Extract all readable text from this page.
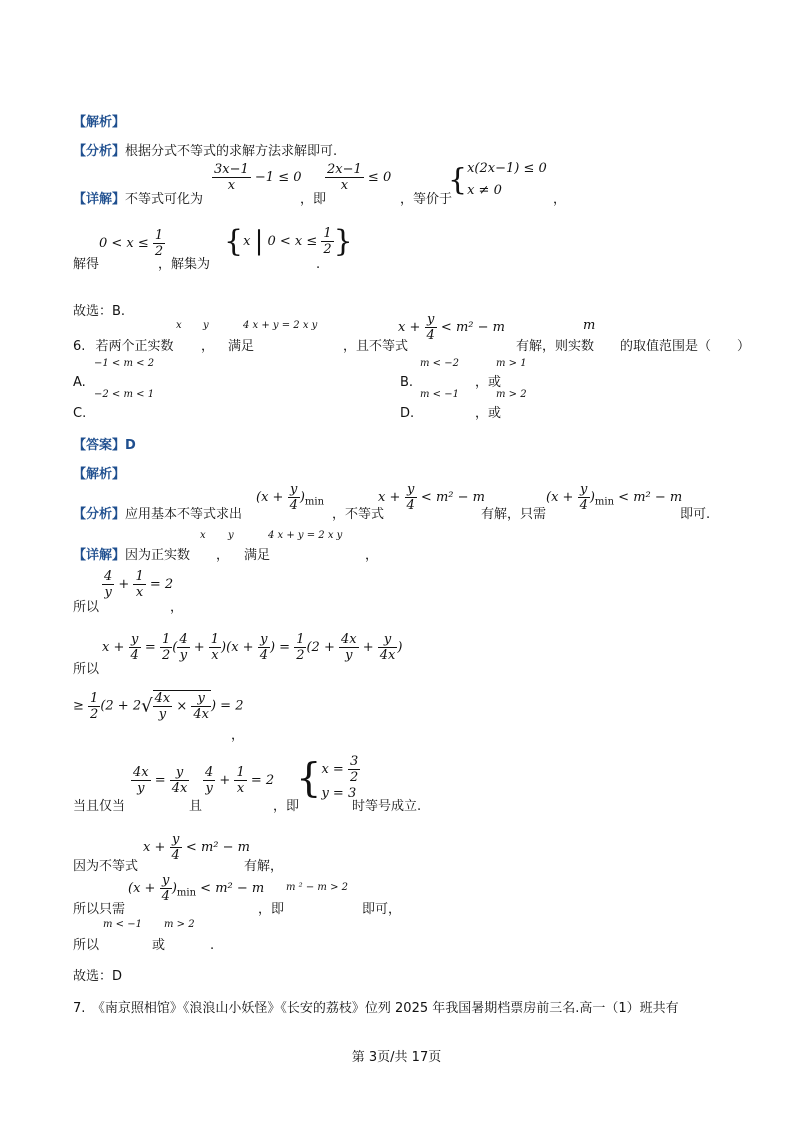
【解析】
【分析】根据分式不等式的求解方法求解即可.
【详解】不等式可化为
$\frac{3x-1}{x} -1 \le 0$
，即
$\frac{2x-1}{x} \le 0$
，等价于
{x(2x−1) ≤ 0
x ≠ 0
，
$0 < x \le \frac{1}{2}$
解得	，解集为
{x | $0 < x \le \frac{1}{2}$ }
.
故选：B.
x y	4 x + y = 2 x y	$x + \frac{y}{4} < m^2 - m$	m
6. 若两个正实数 ， 满足	，且不等式	有解，则实数 的取值范围是（　　）
−1 < m < 2
A.
m < −2	m > 1
B.	，或
−2 < m < 1
C.
m < −1	m > 2
D.	，或
【答案】D
【解析】
$(x + \frac{y}{4} )_{min}$	$x + \frac{y}{4} < m^2 - m$	$(x + \frac{y}{4} )_{min} < m^2 - m$
【分析】应用基本不等式求出	，不等式	有解，只需	即可.
x y	4 x + y = 2 x y
【详解】因为正实数 ， 满足	，
$\frac{4}{y} + \frac{1}{x} = 2$
所以	，
$x + \frac{y}{4} = \frac{1}{2}$ ( $\frac{4}{y} + \frac{1}{x} )(x + \frac{y}{4}$ ) = $\frac{1}{2} (2 + \frac{4x}{y} + \frac{y}{4x}$ )
所以
≥ $\frac{1}{2} (2 + 2√ \frac{4x}{y} \times \frac{y}{4x}$ ) = 2
，
$\frac{4x}{y} = \frac{y}{4x} \frac{4}{y} + \frac{1}{x} = 2$ {$x = \frac{3}{2}$

y = 3
当且仅当	且	，即	时等号成立.
$x + \frac{y}{4} < m^2 - m$
因为不等式	有解，
$(x + \frac{y}{4} )_{min} < m^2 - m$ m ² − m > 2
所以只需	，即	即可，
m < −1 m > 2
所以	或	.
故选：D
7.　《南京照相馆》《浪浪山小妖怪》《长安的荔枝》位列 2025 年我国暑期档票房前三名.高一（1）班共有
第 3页/共 17页
